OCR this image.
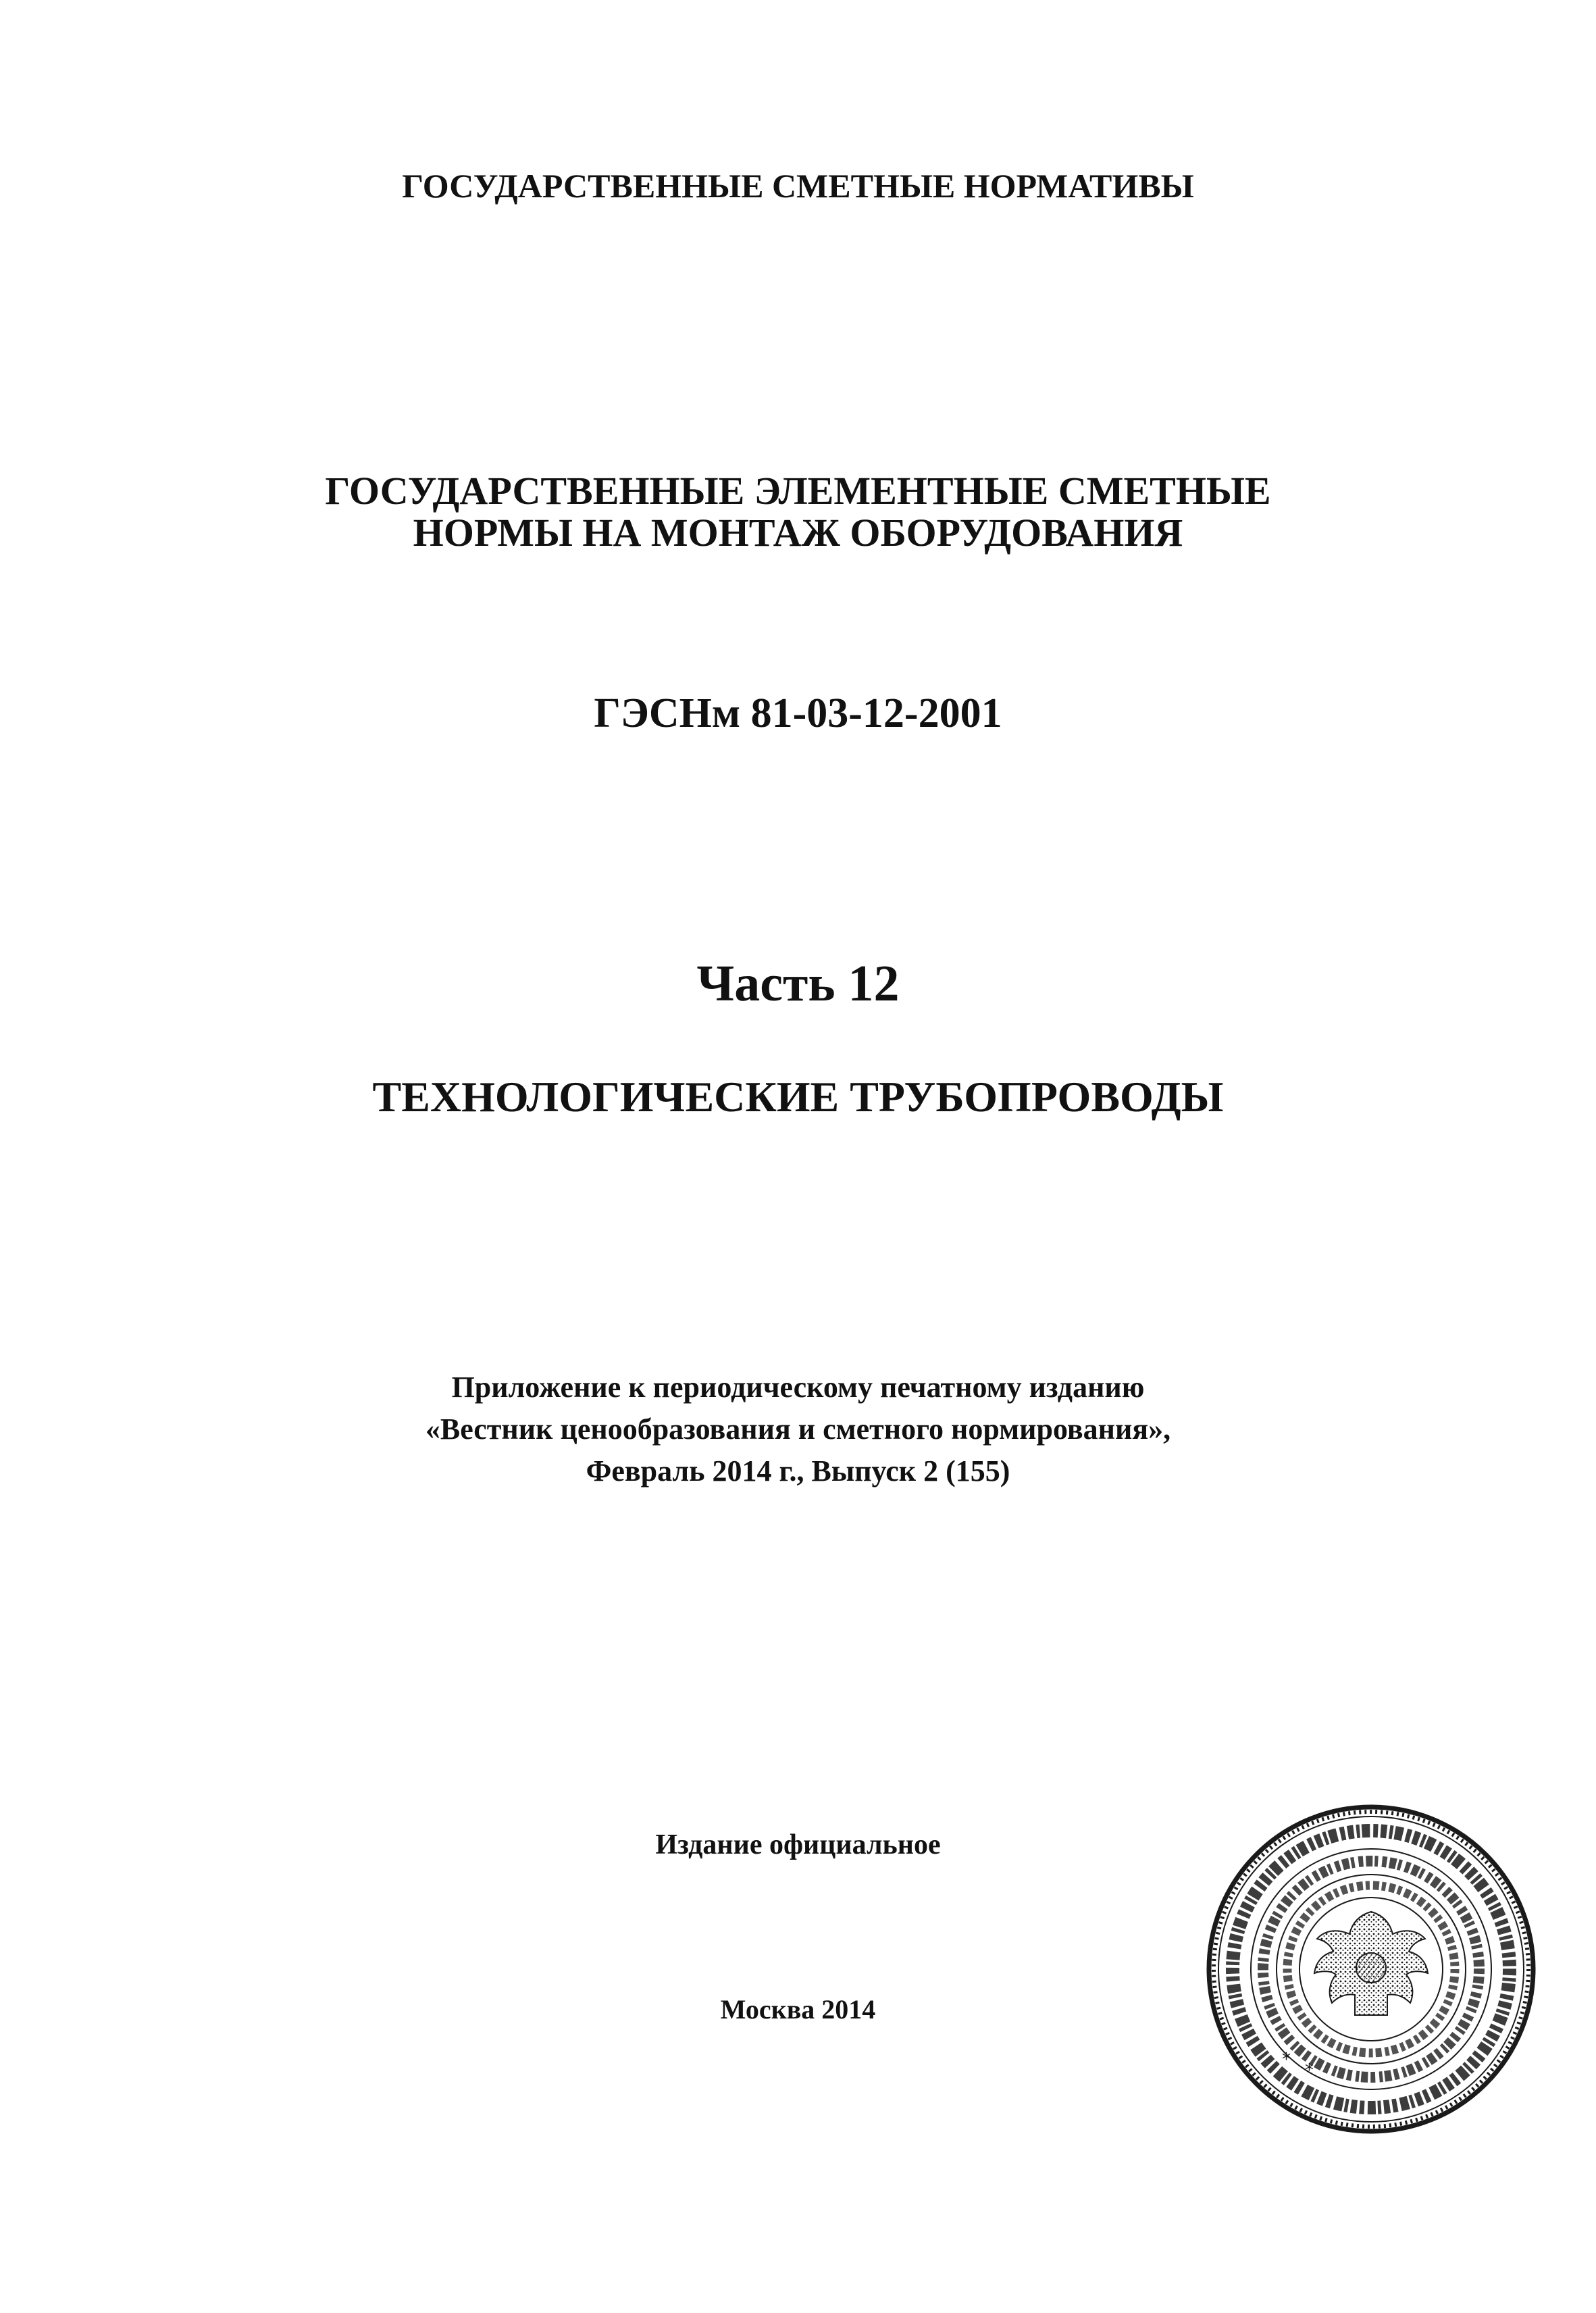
ГОСУДАРСТВЕННЫЕ СМЕТНЫЕ НОРМАТИВЫ
ГОСУДАРСТВЕННЫЕ ЭЛЕМЕНТНЫЕ СМЕТНЫЕ
НОРМЫ НА МОНТАЖ ОБОРУДОВАНИЯ
ГЭСНм 81-03-12-2001
Часть 12
ТЕХНОЛОГИЧЕСКИЕ ТРУБОПРОВОДЫ
Приложение к периодическому печатному изданию
«Вестник ценообразования и сметного нормирования»,
Февраль 2014 г., Выпуск 2 (155)
Издание официальное
Москва 2014
*
*
